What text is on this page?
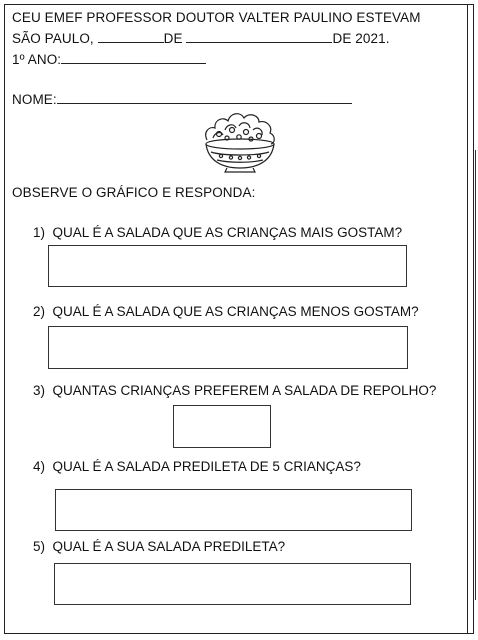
CEU EMEF PROFESSOR DOUTOR VALTER PAULINO ESTEVAM
SÃO PAULO,	DE	DE 2021.
1º ANO:
NOME:
OBSERVE O GRÁFICO E RESPONDA:
1) QUAL É A SALADA QUE AS CRIANÇAS MAIS GOSTAM?
2) QUAL É A SALADA QUE AS CRIANÇAS MENOS GOSTAM?
3) QUANTAS CRIANÇAS PREFEREM A SALADA DE REPOLHO?
4) QUAL É A SALADA PREDILETA DE 5 CRIANÇAS?
5) QUAL É A SUA SALADA PREDILETA?
